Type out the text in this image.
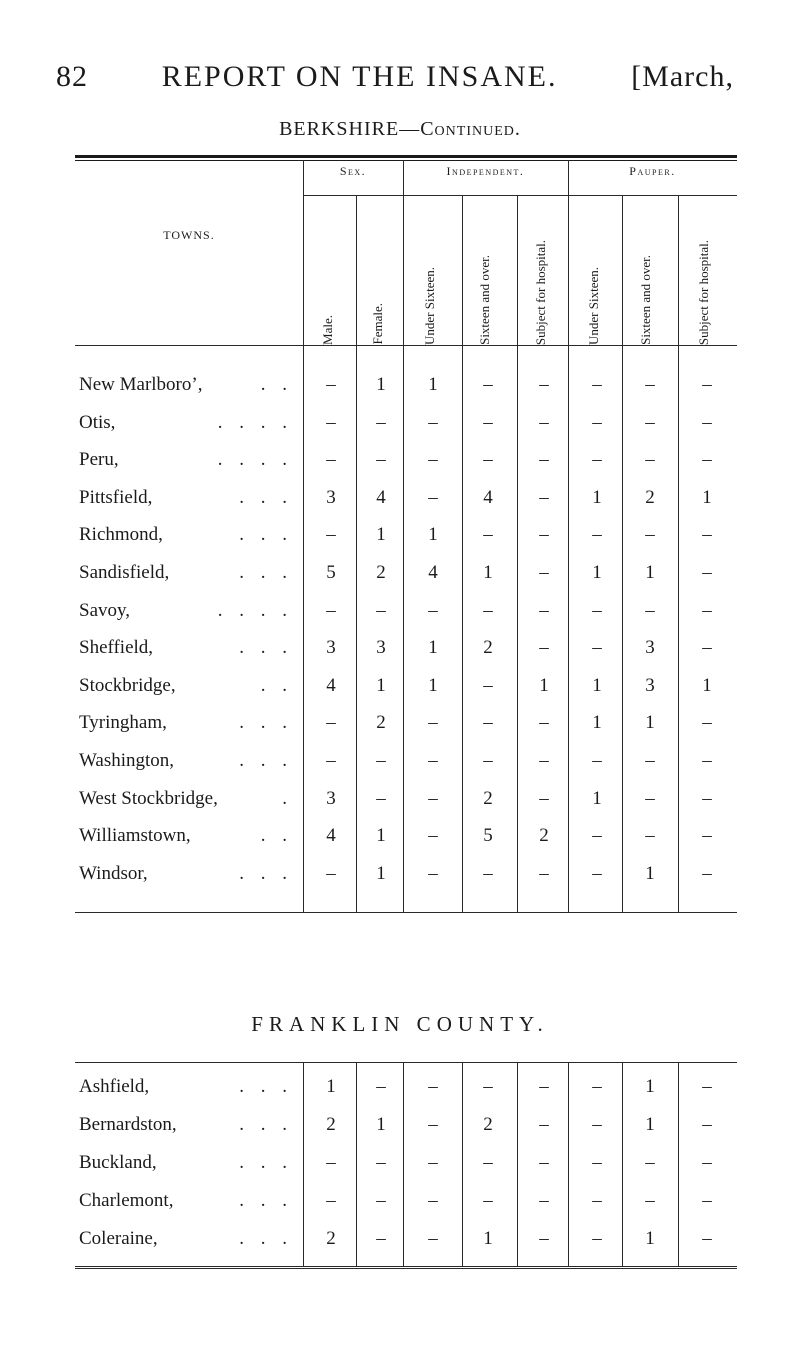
82 REPORT ON THE INSANE. [March,
BERKSHIRE—Continued.
Sex.	Independent.	Pauper.
TOWNS.
Male.	Female.	Under Sixteen.	Sixteen and over.	Subject for hospital.	Under Sixteen.	Sixteen and over.	Subject for hospital.
New Marlboro’,	. .	–	1	1	–	–	–	–	–
Otis,	. . . .	–	–	–	–	–	–	–	–
Peru,	. . . .	–	–	–	–	–	–	–	–
Pittsfield,	. . .	3	4	–	4	–	1	2	1
Richmond,	. . .	–	1	1	–	–	–	–	–
Sandisfield,	. . .	5	2	4	1	–	1	1	–
Savoy,	. . . .	–	–	–	–	–	–	–	–
Sheffield,	. . .	3	3	1	2	–	–	3	–
Stockbridge,	. .	4	1	1	–	1	1	3	1
Tyringham,	. . .	–	2	–	–	–	1	1	–
Washington,	. . .	–	–	–	–	–	–	–	–
West Stockbridge,	.	3	–	–	2	–	1	–	–
Williamstown,	. .	4	1	–	5	2	–	–	–
Windsor,	. . .	–	1	–	–	–	–	1	–
FRANKLIN COUNTY.
Ashfield,	. . .	1	–	–	–	–	–	1	–
Bernardston,	. . .	2	1	–	2	–	–	1	–
Buckland,	. . .	–	–	–	–	–	–	–	–
Charlemont,	. . .	–	–	–	–	–	–	–	–
Coleraine,	. . .	2	–	–	1	–	–	1	–
